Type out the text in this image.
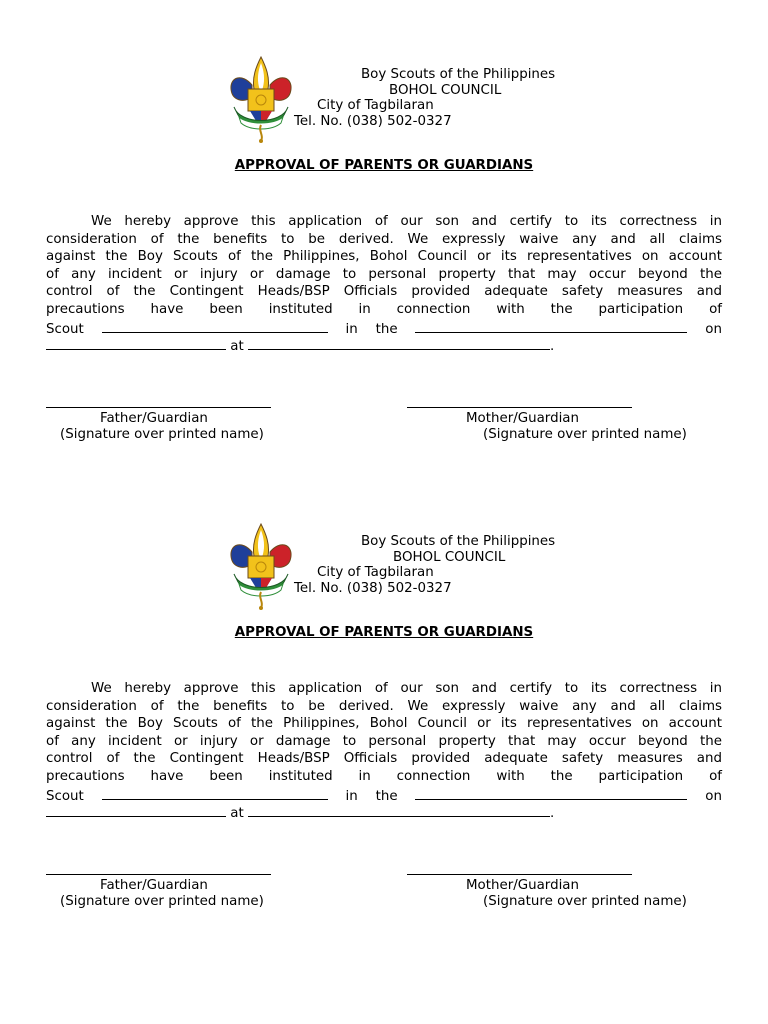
Boy Scouts of the Philippines
BOHOL COUNCIL
City of Tagbilaran
Tel. No. (038) 502-0327
APPROVAL OF PARENTS OR GUARDIANS
We hereby approve this application of our son and certify to its correctness in
consideration of the benefits to be derived. We expressly waive any and all claims
against the Boy Scouts of the Philippines, Bohol Council or its representatives on account
of any incident or injury or damage to personal property that may occur beyond the
control of the Contingent Heads/BSP Officials provided adequate safety measures and
precautions have been instituted in connection with the participation of
Scout	in the	on
at	.
Father/Guardian
(Signature over printed name)
Mother/Guardian
(Signature over printed name)
Boy Scouts of the Philippines
BOHOL COUNCIL
City of Tagbilaran
Tel. No. (038) 502-0327
APPROVAL OF PARENTS OR GUARDIANS
We hereby approve this application of our son and certify to its correctness in
consideration of the benefits to be derived. We expressly waive any and all claims
against the Boy Scouts of the Philippines, Bohol Council or its representatives on account
of any incident or injury or damage to personal property that may occur beyond the
control of the Contingent Heads/BSP Officials provided adequate safety measures and
precautions have been instituted in connection with the participation of
Scout	in the	on
at	.
Father/Guardian
(Signature over printed name)
Mother/Guardian
(Signature over printed name)
